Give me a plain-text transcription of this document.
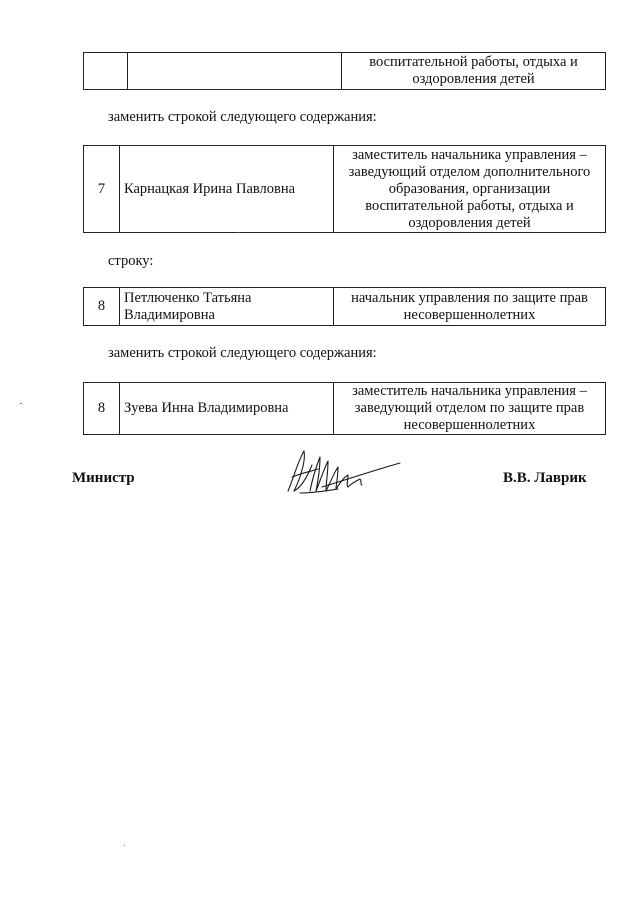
		воспитательной работы, отдыха и оздоровления детей

заменить строкой следующего содержания:

7	Карнацкая Ирина Павловна	заместитель начальника управления – заведующий отделом дополнительного образования, организации воспитательной работы, отдыха и оздоровления детей

строку:

8	Петлюченко Татьяна Владимировна	начальник управления по защите прав несовершеннолетних

заменить строкой следующего содержания:

8	Зуева Инна Владимировна	заместитель начальника управления – заведующий отделом по защите прав несовершеннолетних

Министр	В.В. Лаврик
